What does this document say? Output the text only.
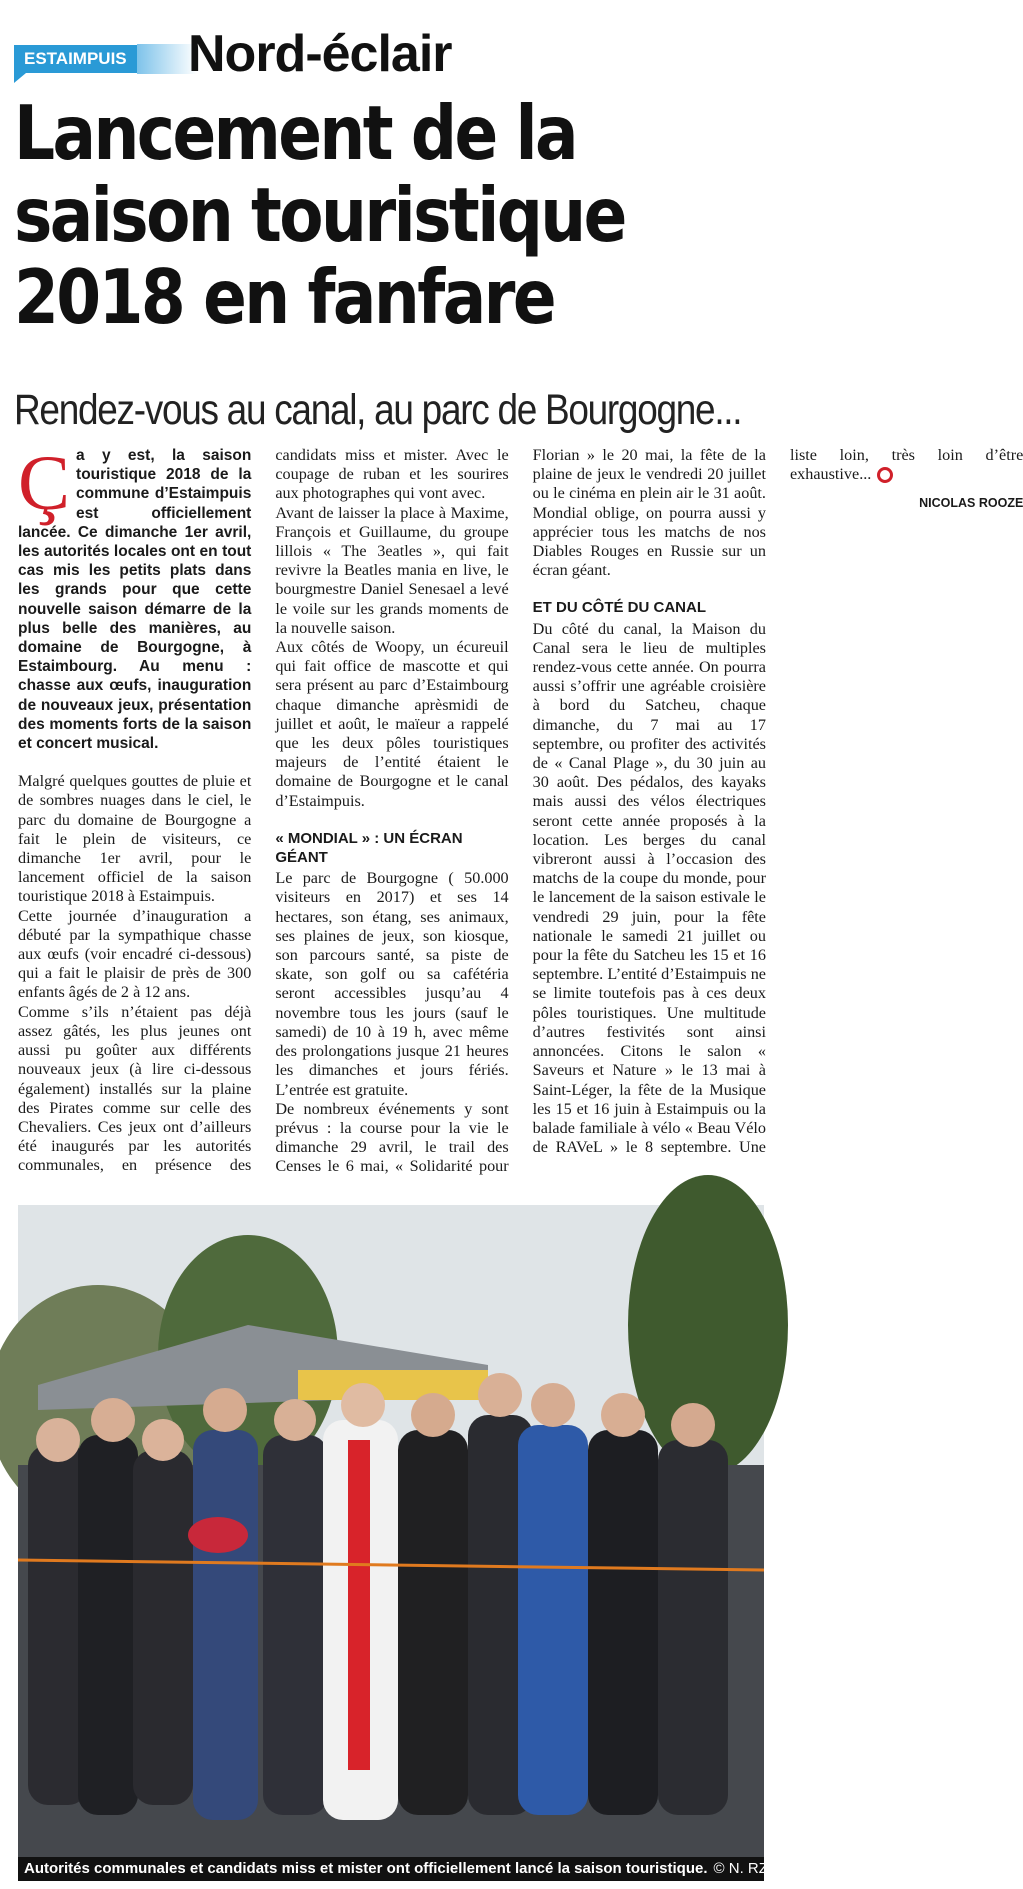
ESTAIMPUIS Nord-éclair
Lancement de la
saison touristique
2018 en fanfare
Rendez-vous au canal, au parc de Bourgogne...

Ça y est, la saison touristique 2018 de la commune d’Estaimpuis est officiellement lancée. Ce dimanche 1er avril, les autorités locales ont en tout cas mis les petits plats dans les grands pour que cette nouvelle saison démarre de la plus belle des manières, au domaine de Bourgogne, à Estaimbourg. Au menu : chasse aux œufs, inauguration de nouveaux jeux, présentation des moments forts de la saison et concert musical.

Malgré quelques gouttes de pluie et de sombres nuages dans le ciel, le parc du domaine de Bourgogne a fait le plein de visiteurs, ce dimanche 1er avril, pour le lancement officiel de la saison touristique 2018 à Estaimpuis.

Cette journée d’inauguration a débuté par la sympathique chasse aux œufs (voir encadré ci-dessous) qui a fait le plaisir de près de 300 enfants âgés de 2 à 12 ans.

Comme s’ils n’étaient pas déjà assez gâtés, les plus jeunes ont aussi pu goûter aux différents nouveaux jeux (à lire ci-dessous également) installés sur la plaine des Pirates comme sur celle des Chevaliers. Ces jeux ont d’ailleurs été inaugurés par les autorités communales, en présence des candidats miss et mister. Avec le coupage de ruban et les sourires aux photographes qui vont avec.

Avant de laisser la place à Maxime, François et Guillaume, du groupe lillois « The 3eatles », qui fait revivre la Beatles mania en live, le bourgmestre Daniel Senesael a levé le voile sur les grands moments de la nouvelle saison.

Aux côtés de Woopy, un écureuil qui fait office de mascotte et qui sera présent au parc d’Estaimbourg chaque dimanche aprèsmidi de juillet et août, le maïeur a rappelé que les deux pôles touristiques majeurs de l’entité étaient le domaine de Bourgogne et le canal d’Estaimpuis.

« MONDIAL » : UN ÉCRAN GÉANT

Le parc de Bourgogne ( 50.000 visiteurs en 2017) et ses 14 hectares, son étang, ses animaux, ses plaines de jeux, son kiosque, son parcours santé, sa piste de skate, son golf ou sa cafétéria seront accessibles jusqu’au 4 novembre tous les jours (sauf le samedi) de 10 à 19 h, avec même des prolongations jusque 21 heures les dimanches et jours fériés. L’entrée est gratuite.

De nombreux événements y sont prévus : la course pour la vie le dimanche 29 avril, le trail des Censes le 6 mai, « Solidarité pour Florian » le 20 mai, la fête de la plaine de jeux le vendredi 20 juillet ou le cinéma en plein air le 31 août. Mondial oblige, on pourra aussi y apprécier tous les matchs de nos Diables Rouges en Russie sur un écran géant.

ET DU CÔTÉ DU CANAL

Du côté du canal, la Maison du Canal sera le lieu de multiples rendez-vous cette année. On pourra aussi s’offrir une agréable croisière à bord du Satcheu, chaque dimanche, du 7 mai au 17 septembre, ou profiter des activités de « Canal Plage », du 30 juin au 30 août. Des pédalos, des kayaks mais aussi des vélos électriques seront cette année proposés à la location. Les berges du canal vibreront aussi à l’occasion des matchs de la coupe du monde, pour le lancement de la saison estivale le vendredi 29 juin, pour la fête nationale le samedi 21 juillet ou pour la fête du Satcheu les 15 et 16 septembre. L’entité d’Estaimpuis ne se limite toutefois pas à ces deux pôles touristiques. Une multitude d’autres festivités sont ainsi annoncées. Citons le salon « Saveurs et Nature » le 13 mai à Saint-Léger, la fête de la Musique les 15 et 16 juin à Estaimpuis ou la balade familiale à vélo « Beau Vélo de RAVeL » le 8 septembre. Une liste loin, très loin d’être exhaustive...

NICOLAS ROOZE

Autorités communales et candidats miss et mister ont officiellement lancé la saison touristique. © N. RZ.
